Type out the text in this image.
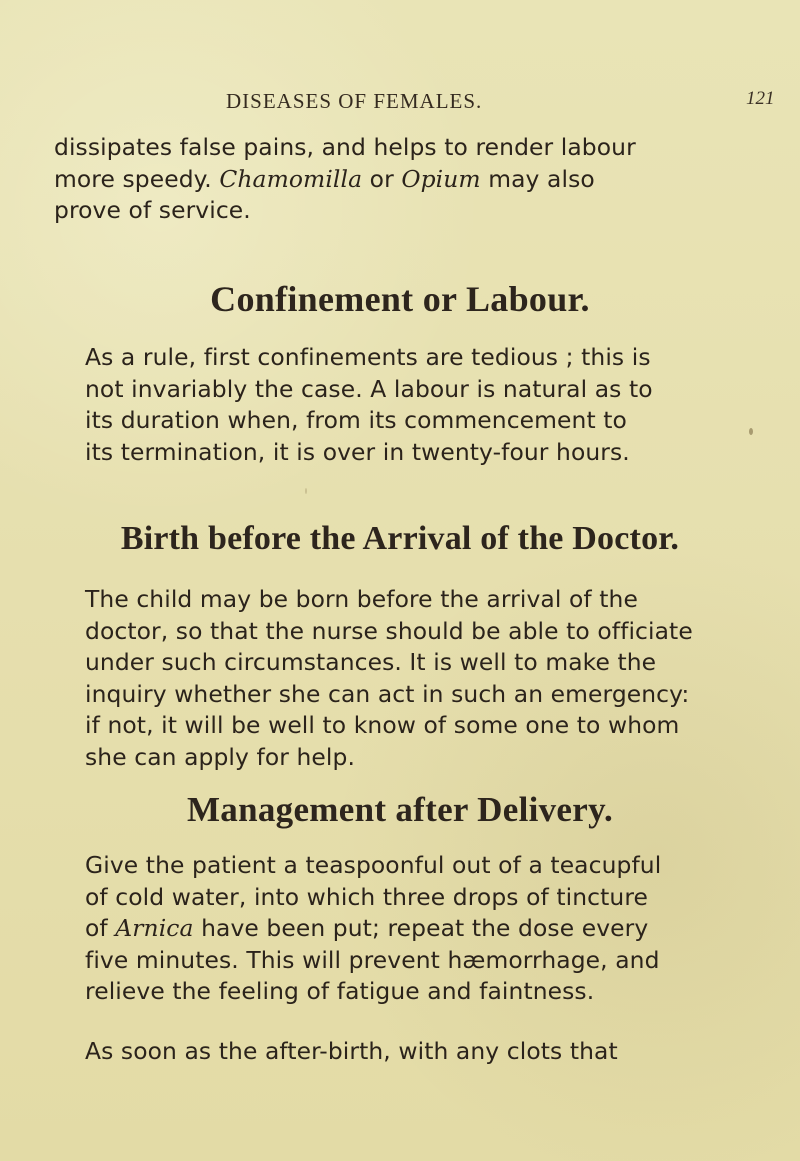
DISEASES OF FEMALES.	121
dissipates false pains, and helps to render labour
more speedy. Chamomilla or Opium may also
prove of service.
Confinement or Labour.
As a rule, first confinements are tedious ; this is
not invariably the case. A labour is natural as to
its duration when, from its commencement to
its termination, it is over in twenty-four hours.
Birth before the Arrival of the Doctor.
The child may be born before the arrival of the
doctor, so that the nurse should be able to officiate
under such circumstances. It is well to make the
inquiry whether she can act in such an emergency:
if not, it will be well to know of some one to whom
she can apply for help.
Management after Delivery.
Give the patient a teaspoonful out of a teacupful
of cold water, into which three drops of tincture
of Arnica have been put; repeat the dose every
five minutes. This will prevent hæmorrhage, and
relieve the feeling of fatigue and faintness.
As soon as the after-birth, with any clots that
